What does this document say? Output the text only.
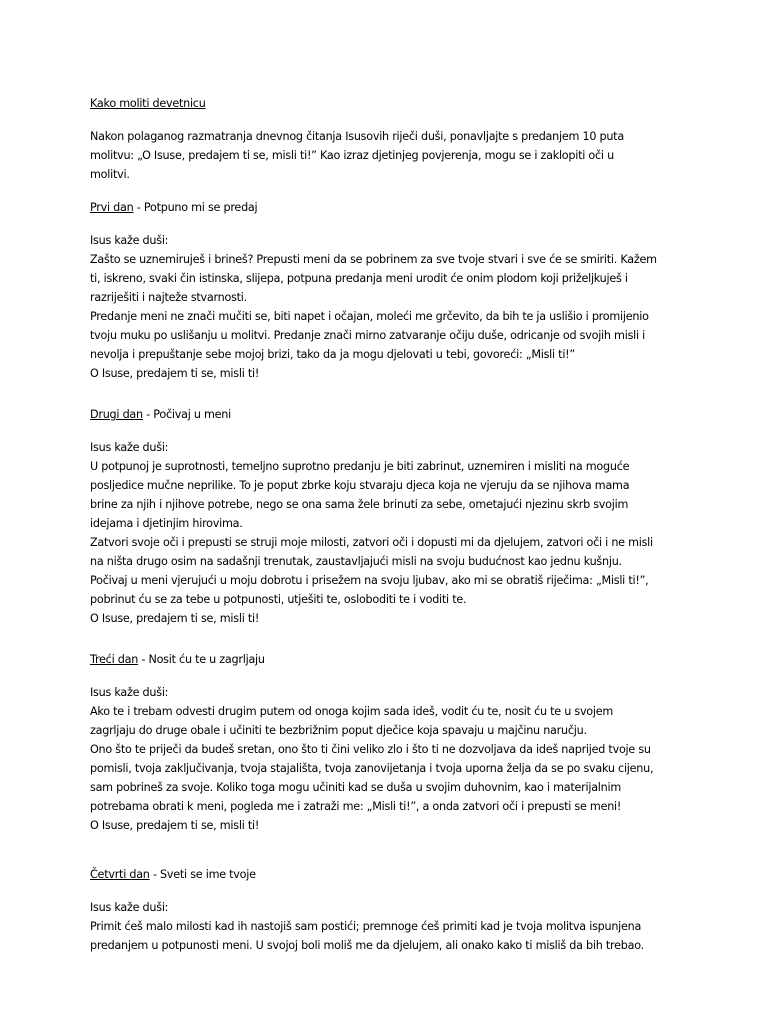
Kako moliti devetnicu
Nakon polaganog razmatranja dnevnog čitanja Isusovih riječi duši, ponavljajte s predanjem 10 puta
molitvu: „O Isuse, predajem ti se, misli ti!” Kao izraz djetinjeg povjerenja, mogu se i zaklopiti oči u
molitvi.
Prvi dan - Potpuno mi se predaj
Isus kaže duši:
Zašto se uznemiruješ i brineš? Prepusti meni da se pobrinem za sve tvoje stvari i sve će se smiriti. Kažem
ti, iskreno, svaki čin istinska, slijepa, potpuna predanja meni urodit će onim plodom koji priželjkuješ i
razriješiti i najteže stvarnosti.
Predanje meni ne znači mučiti se, biti napet i očajan, moleći me grčevito, da bih te ja uslišio i promijenio
tvoju muku po uslišanju u molitvi. Predanje znači mirno zatvaranje očiju duše, odricanje od svojih misli i
nevolja i prepuštanje sebe mojoj brizi, tako da ja mogu djelovati u tebi, govoreći: „Misli ti!”
O Isuse, predajem ti se, misli ti!
Drugi dan - Počivaj u meni
Isus kaže duši:
U potpunoj je suprotnosti, temeljno suprotno predanju je biti zabrinut, uznemiren i misliti na moguće
posljedice mučne neprilike. To je poput zbrke koju stvaraju djeca koja ne vjeruju da se njihova mama
brine za njih i njihove potrebe, nego se ona sama žele brinuti za sebe, ometajući njezinu skrb svojim
idejama i djetinjim hirovima.
Zatvori svoje oči i prepusti se struji moje milosti, zatvori oči i dopusti mi da djelujem, zatvori oči i ne misli
na ništa drugo osim na sadašnji trenutak, zaustavljajući misli na svoju budućnost kao jednu kušnju.
Počivaj u meni vjerujući u moju dobrotu i prisežem na svoju ljubav, ako mi se obratiš riječima: „Misli ti!”,
pobrinut ću se za tebe u potpunosti, utješiti te, osloboditi te i voditi te.
O Isuse, predajem ti se, misli ti!
Treći dan - Nosit ću te u zagrljaju
Isus kaže duši:
Ako te i trebam odvesti drugim putem od onoga kojim sada ideš, vodit ću te, nosit ću te u svojem
zagrljaju do druge obale i učiniti te bezbrižnim poput dječice koja spavaju u majčinu naručju.
Ono što te priječi da budeš sretan, ono što ti čini veliko zlo i što ti ne dozvoljava da ideš naprijed tvoje su
pomisli, tvoja zaključivanja, tvoja stajališta, tvoja zanovijetanja i tvoja uporna želja da se po svaku cijenu,
sam pobrineš za svoje. Koliko toga mogu učiniti kad se duša u svojim duhovnim, kao i materijalnim
potrebama obrati k meni, pogleda me i zatraži me: „Misli ti!”, a onda zatvori oči i prepusti se meni!
O Isuse, predajem ti se, misli ti!
Četvrti dan - Sveti se ime tvoje
Isus kaže duši:
Primit ćeš malo milosti kad ih nastojiš sam postići; premnoge ćeš primiti kad je tvoja molitva ispunjena
predanjem u potpunosti meni. U svojoj boli moliš me da djelujem, ali onako kako ti misliš da bih trebao.
